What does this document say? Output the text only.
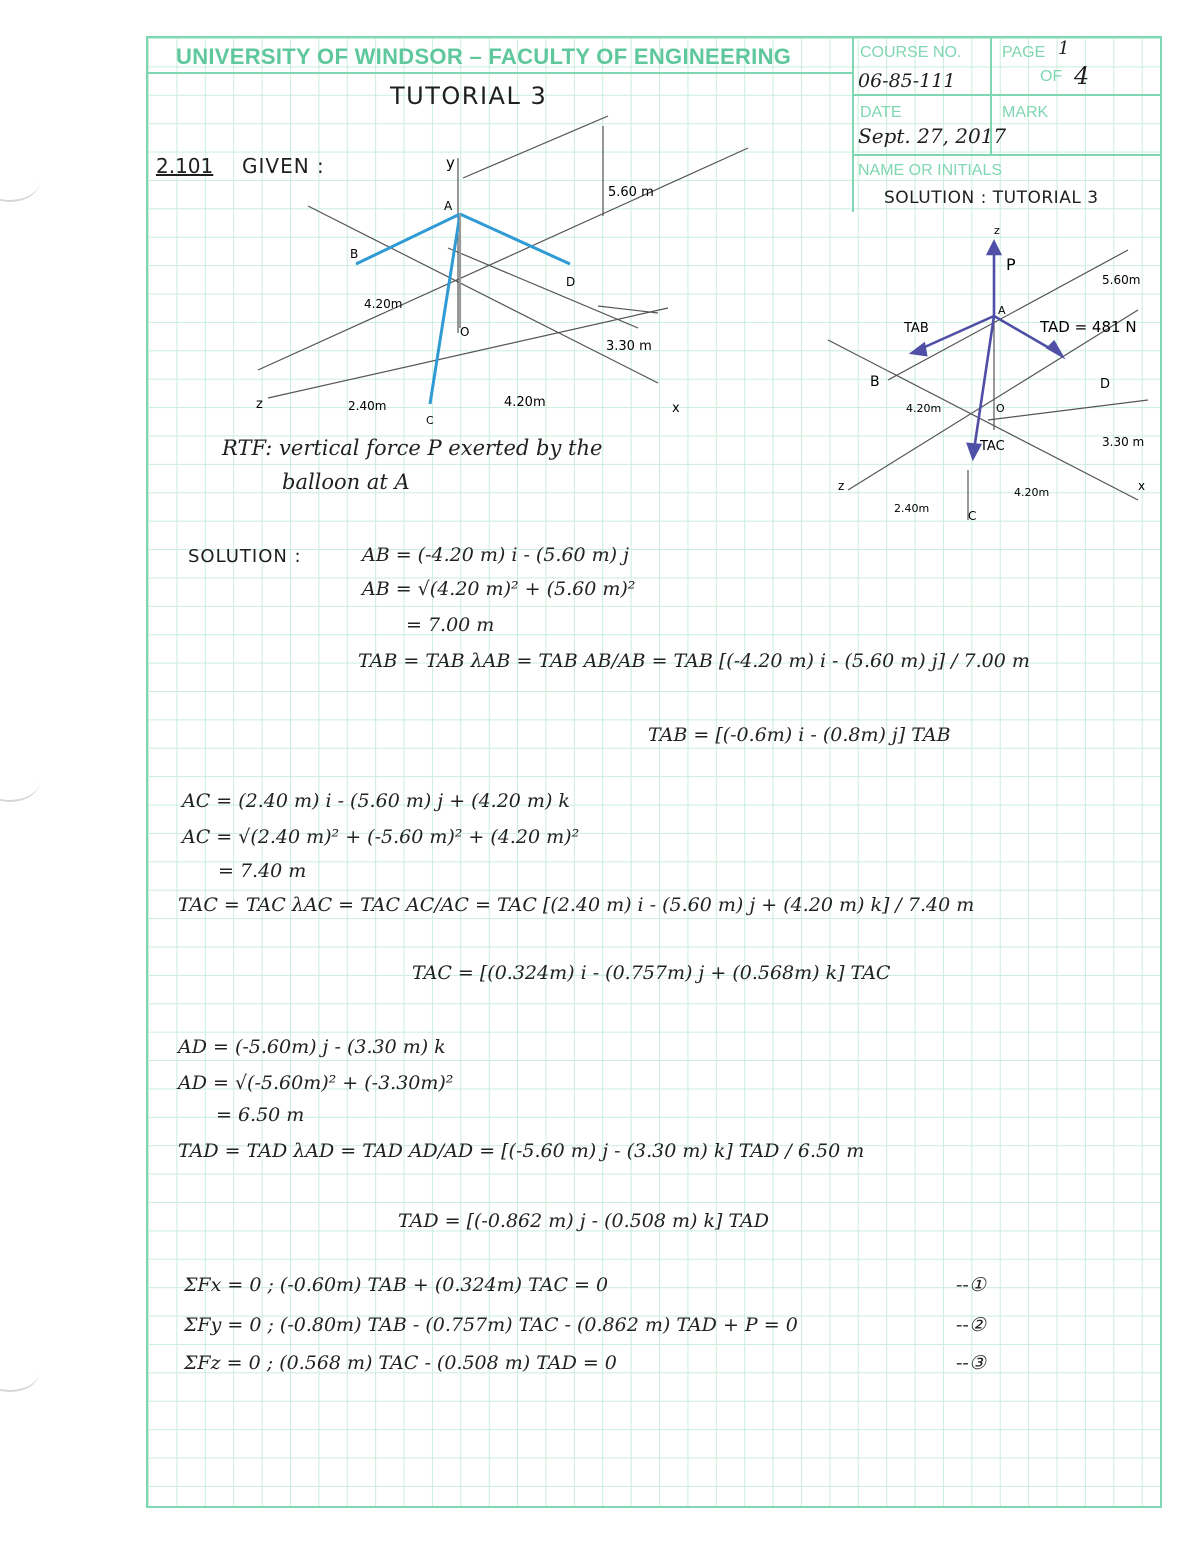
UNIVERSITY OF WINDSOR – FACULTY OF ENGINEERING	COURSE NO.
06-85-111
PAGE 1
OF 4
DATE
Sept. 27, 2017
MARK
NAME OR INITIALS
SOLUTION : TUTORIAL 3
TUTORIAL 3
2.101 GIVEN :	y
A
B
D
O
C
z	x
5.60 m
4.20m
3.30 m
2.40m	4.20m
RTF: vertical force P exerted by the
balloon at A
z
P
A
TAB	TAD = 481 N
B	D
O
TAC
5.60m
4.20m
3.30 m
2.40m
4.20m
C
z	x
SOLUTION :	AB = (-4.20 m) i - (5.60 m) j
AB = √(4.20 m)² + (5.60 m)²
= 7.00 m
TAB = TAB λAB = TAB AB/AB = TAB [(-4.20 m) i - (5.60 m) j] / 7.00 m
TAB = [(-0.6m) i - (0.8m) j] TAB
AC = (2.40 m) i - (5.60 m) j + (4.20 m) k
AC = √(2.40 m)² + (-5.60 m)² + (4.20 m)²
= 7.40 m
TAC = TAC λAC = TAC AC/AC = TAC [(2.40 m) i - (5.60 m) j + (4.20 m) k] / 7.40 m
TAC = [(0.324m) i - (0.757m) j + (0.568m) k] TAC
AD = (-5.60m) j - (3.30 m) k
AD = √(-5.60m)² + (-3.30m)²
= 6.50 m
TAD = TAD λAD = TAD AD/AD = [(-5.60 m) j - (3.30 m) k] TAD / 6.50 m
TAD = [(-0.862 m) j - (0.508 m) k] TAD
ΣFx = 0 ; (-0.60m) TAB + (0.324m) TAC = 0
ΣFy = 0 ; (-0.80m) TAB - (0.757m) TAC - (0.862 m) TAD + P = 0
ΣFz = 0 ; (0.568 m) TAC - (0.508 m) TAD = 0
--①
--②
--③
